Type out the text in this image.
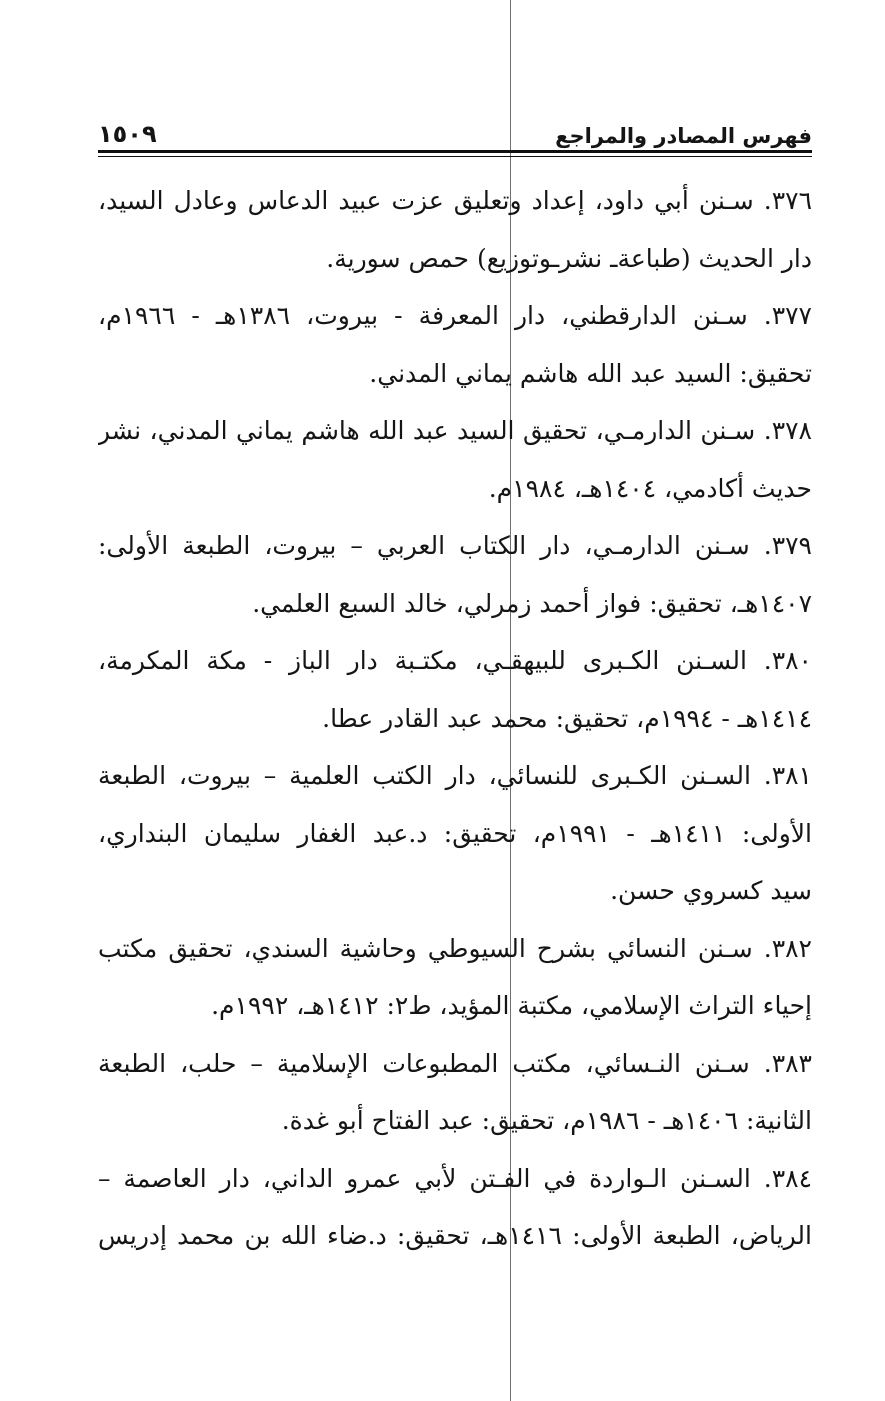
فهرس المصادر والمراجع
١٥٠٩
٣٧٦. سـنن أبي داود، إعداد وتعليق عزت عبيد الدعاس وعادل السيد،
دار الحديث (طباعة‍ـ نشرـ‍وتوزيع) حمص سورية.
٣٧٧. سـنن الدارقطني، دار المعرفة - بيروت، ١٣٨٦هـ - ١٩٦٦م،
تحقيق: السيد عبد الله هاشم يماني المدني.
٣٧٨. سـنن الدارمـي، تحقيق السيد عبد الله هاشم يماني المدني، نشر
حديث أكادمي، ١٤٠٤هـ، ١٩٨٤م.
٣٧٩. سـنن الدارمـي، دار الكتاب العربي – بيروت، الطبعة الأولى:
١٤٠٧هـ، تحقيق: فواز أحمد زمرلي، خالد السبع العلمي.
٣٨٠. السـنن الكـبرى للبيهقـي، مكتـبة دار الباز - مكة المكرمة،
١٤١٤هـ - ١٩٩٤م، تحقيق: محمد عبد القادر عطا.
٣٨١. السـنن الكـبرى للنسائي، دار الكتب العلمية – بيروت، الطبعة
الأولى: ١٤١١هـ - ١٩٩١م، تحقيق: د.عبد الغفار سليمان البنداري،
سيد كسروي حسن.
٣٨٢. سـنن النسائي بشرح السيوطي وحاشية السندي، تحقيق مكتب
إحياء التراث الإسلامي، مكتبة المؤيد، ط٢: ١٤١٢هـ، ١٩٩٢م.
٣٨٣. سـنن النـسائي، مكتب المطبوعات الإسلامية – حلب، الطبعة
الثانية: ١٤٠٦هـ - ١٩٨٦م، تحقيق: عبد الفتاح أبو غدة.
٣٨٤. السـنن الـواردة في الفـتن لأبي عمرو الداني، دار العاصمة –
الرياض، الطبعة الأولى: ١٤١٦هـ، تحقيق: د.ضاء الله بن محمد إدريس
